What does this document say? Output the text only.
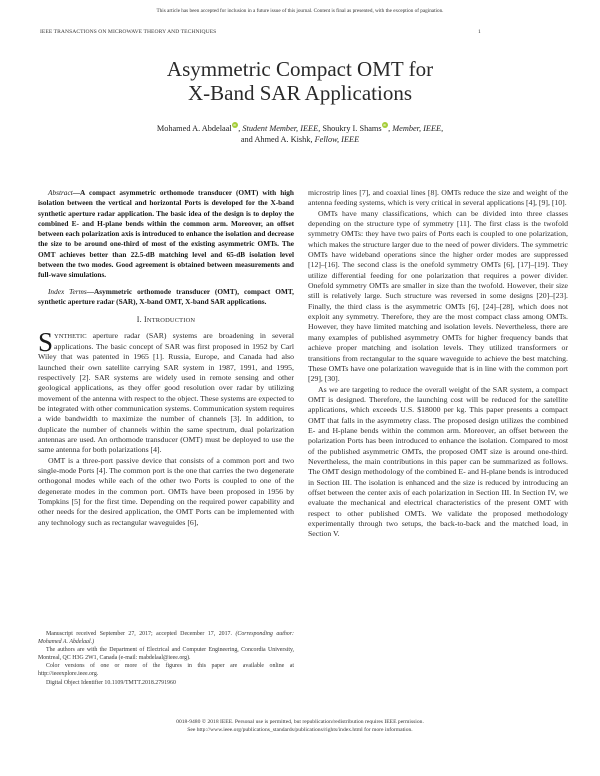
This article has been accepted for inclusion in a future issue of this journal. Content is final as presented, with the exception of pagination.
IEEE TRANSACTIONS ON MICROWAVE THEORY AND TECHNIQUES	1
Asymmetric Compact OMT for
X-Band SAR Applications
Mohamed A. Abdelaal iD , Student Member, IEEE, Shoukry I. Shams iD , Member, IEEE,
and Ahmed A. Kishk, Fellow, IEEE

Abstract—A compact asymmetric orthomode transducer (OMT) with high isolation between the vertical and horizontal Ports is developed for the X-band synthetic aperture radar application. The basic idea of the design is to deploy the combined E- and H-plane bends within the common arm. Moreover, an offset between each polarization axis is introduced to enhance the isolation and decrease the size to be around one-third of most of the existing asymmetric OMTs. The OMT achieves better than 22.5-dB matching level and 65-dB isolation level between the two modes. Good agreement is obtained between measurements and full-wave simulations.

Index Terms—Asymmetric orthomode transducer (OMT), compact OMT, synthetic aperture radar (SAR), X-band OMT, X-band SAR applications.

I. INTRODUCTION

SYNTHETIC aperture radar (SAR) systems are broadening in several applications. The basic concept of SAR was first proposed in 1952 by Carl Wiley that was patented in 1965 [1]. Russia, Europe, and Canada had also launched their own satellite carrying SAR system in 1987, 1991, and 1995, respectively [2]. SAR systems are widely used in remote sensing and other geological applications, as they offer good resolution over radar by utilizing movement of the antenna with respect to the object. These systems are expected to be integrated with other communication systems. Communication system requires a wide bandwidth to maximize the number of channels [3]. In addition, to duplicate the number of channels within the same spectrum, dual polarization antennas are used. An orthomode transducer (OMT) must be deployed to use the same antenna for both polarizations [4].

OMT is a three-port passive device that consists of a common port and two single-mode Ports [4]. The common port is the one that carries the two degenerate orthogonal modes while each of the other two Ports is coupled to one of the degenerate modes in the common port. OMTs have been proposed in 1956 by Tompkins [5] for the first time. Depending on the required power capability and other needs for the desired application, the OMT Ports can be implemented with any technology such as rectangular waveguides [6],

Manuscript received September 27, 2017; accepted December 17, 2017. (Corresponding author: Mohamed A. Abdelaal.)

The authors are with the Department of Electrical and Computer Engineering, Concordia University, Montreal, QC H3G 2W1, Canada (e-mail: mabdelaal@ieee.org).

Color versions of one or more of the figures in this paper are available online at http://ieeexplore.ieee.org.

Digital Object Identifier 10.1109/TMTT.2018.2791960

microstrip lines [7], and coaxial lines [8]. OMTs reduce the size and weight of the antenna feeding systems, which is very critical in several applications [4], [9], [10].

OMTs have many classifications, which can be divided into three classes depending on the structure type of symmetry [11]. The first class is the twofold symmetry OMTs: they have two pairs of Ports each is coupled to one polarization, which makes the structure larger due to the need of power dividers. The symmetric OMTs have wideband operations since the higher order modes are suppressed [12]–[16]. The second class is the onefold symmetry OMTs [6], [17]–[19]. They utilize differential feeding for one polarization that requires a power divider. Onefold symmetry OMTs are smaller in size than the twofold. However, their size still is relatively large. Such structure was reversed in some designs [20]–[23]. Finally, the third class is the asymmetric OMTs [6], [24]–[28], which does not exploit any symmetry. Therefore, they are the most compact class among OMTs. However, they have limited matching and isolation levels. Nevertheless, there are many examples of published asymmetry OMTs for higher frequency bands that achieve proper matching and isolation levels. They utilized transformers or transitions from rectangular to the square waveguide to achieve the best matching. These OMTs have one polarization waveguide that is in line with the common port [29], [30].

As we are targeting to reduce the overall weight of the SAR system, a compact OMT is designed. Therefore, the launching cost will be reduced for the satellite applications, which exceeds U.S. $18000 per kg. This paper presents a compact OMT that falls in the asymmetry class. The proposed design utilizes the combined E- and H-plane bends within the common arm. Moreover, an offset between the polarization Ports has been introduced to enhance the isolation. Compared to most of the published asymmetric OMTs, the proposed OMT size is around one-third. Nevertheless, the main contributions in this paper can be summarized as follows. The OMT design methodology of the combined E- and H-plane bends is introduced in Section III. The isolation is enhanced and the size is reduced by introducing an offset between the center axis of each polarization in Section III. In Section IV, we evaluate the mechanical and electrical characteristics of the present OMT with respect to other published OMTs. We validate the proposed methodology experimentally through two setups, the back-to-back and the matched load, in Section V.

0018-9480 © 2018 IEEE. Personal use is permitted, but republication/redistribution requires IEEE permission.
See http://www.ieee.org/publications_standards/publications/rights/index.html for more information.
